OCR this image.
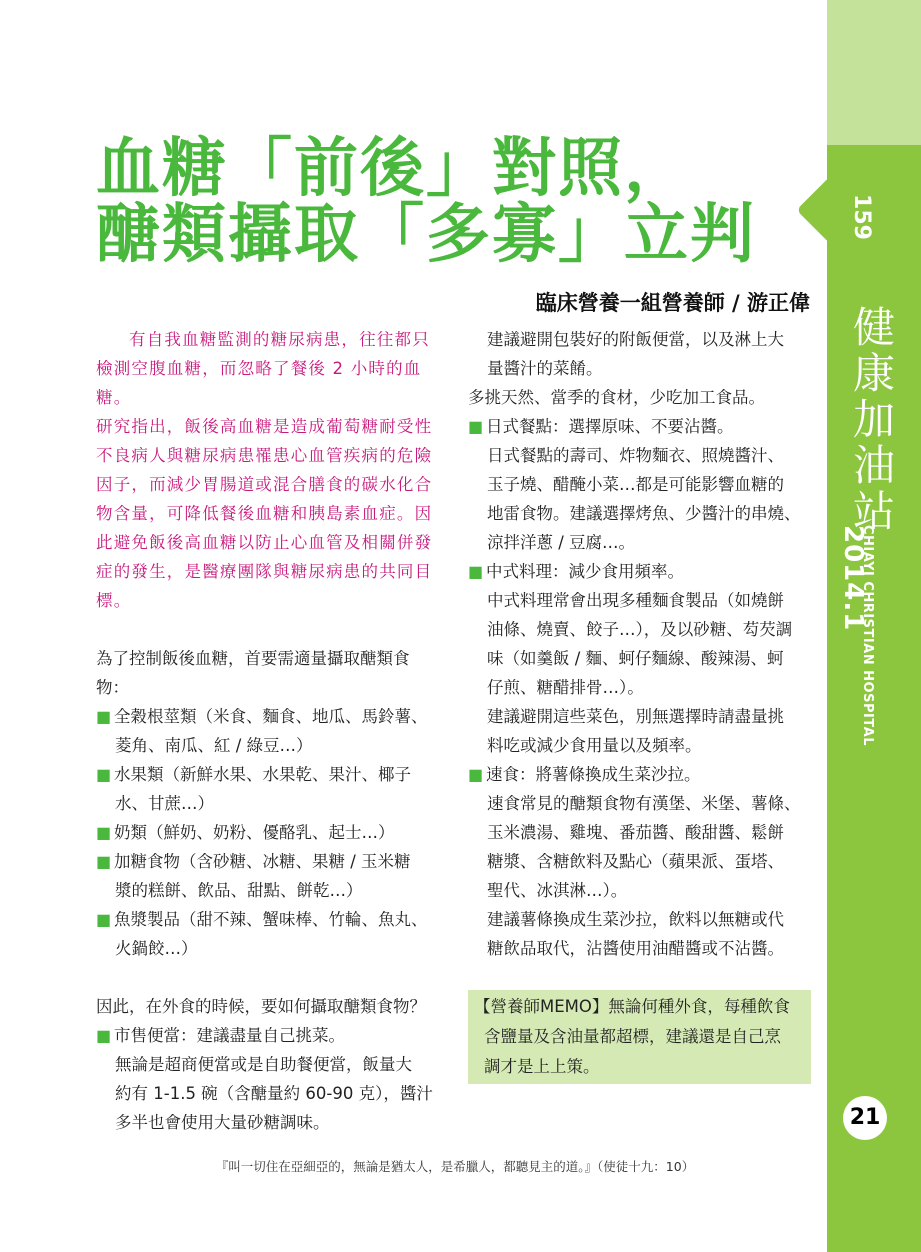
159
健
康
加
油
站
2014.1
CHIAYI CHRISTIAN HOSPITAL
21
血糖「前後」對照，
醣類攝取「多寡」立判
臨床營養一組營養師 / 游正偉

有自我血糖監測的糖尿病患，往往都只

檢測空腹血糖，而忽略了餐後 2 小時的血糖。

研究指出，飯後高血糖是造成葡萄糖耐受性

不良病人與糖尿病患罹患心血管疾病的危險

因子，而減少胃腸道或混合膳食的碳水化合

物含量，可降低餐後血糖和胰島素血症。因

此避免飯後高血糖以防止心血管及相關併發

症的發生，是醫療團隊與糖尿病患的共同目

標。

為了控制飯後血糖，首要需適量攝取醣類食

物：

■ 全穀根莖類（米食、麵食、地瓜、馬鈴薯、

菱角、南瓜、紅 / 綠豆…）

■ 水果類（新鮮水果、水果乾、果汁、椰子

水、甘蔗…）

■ 奶類（鮮奶、奶粉、優酪乳、起士…）
■ 加糖食物（含砂糖、冰糖、果糖 / 玉米糖

漿的糕餅、飲品、甜點、餅乾…）

■ 魚漿製品（甜不辣、蟹味棒、竹輪、魚丸、

火鍋餃…）

因此，在外食的時候，要如何攝取醣類食物？

■ 市售便當：建議盡量自己挑菜。

無論是超商便當或是自助餐便當，飯量大

約有 1-1.5 碗（含醣量約 60-90 克），醬汁

多半也會使用大量砂糖調味。

建議避開包裝好的附飯便當，以及淋上大

量醬汁的菜餚。

多挑天然、當季的食材，少吃加工食品。

■ 日式餐點：選擇原味、不要沾醬。

日式餐點的壽司、炸物麵衣、照燒醬汁、

玉子燒、醋醃小菜…都是可能影響血糖的

地雷食物。建議選擇烤魚、少醬汁的串燒、

涼拌洋蔥 / 豆腐…。

■ 中式料理：減少食用頻率。

中式料理常會出現多種麵食製品（如燒餅

油條、燒賣、餃子…），及以砂糖、芶芡調

味（如羹飯 / 麵、蚵仔麵線、酸辣湯、蚵

仔煎、糖醋排骨…）。

建議避開這些菜色，別無選擇時請盡量挑

料吃或減少食用量以及頻率。

■ 速食：將薯條換成生菜沙拉。

速食常見的醣類食物有漢堡、米堡、薯條、

玉米濃湯、雞塊、番茄醬、酸甜醬、鬆餅

糖漿、含糖飲料及點心（蘋果派、蛋塔、

聖代、冰淇淋…）。

建議薯條換成生菜沙拉，飲料以無糖或代

糖飲品取代，沾醬使用油醋醬或不沾醬。

【營養師MEMO】無論何種外食，每種飲食
含鹽量及含油量都超標，建議還是自己烹
調才是上上策。
『叫一切住在亞細亞的，無論是猶太人，是希臘人，都聽見主的道。』（使徒十九：10）
